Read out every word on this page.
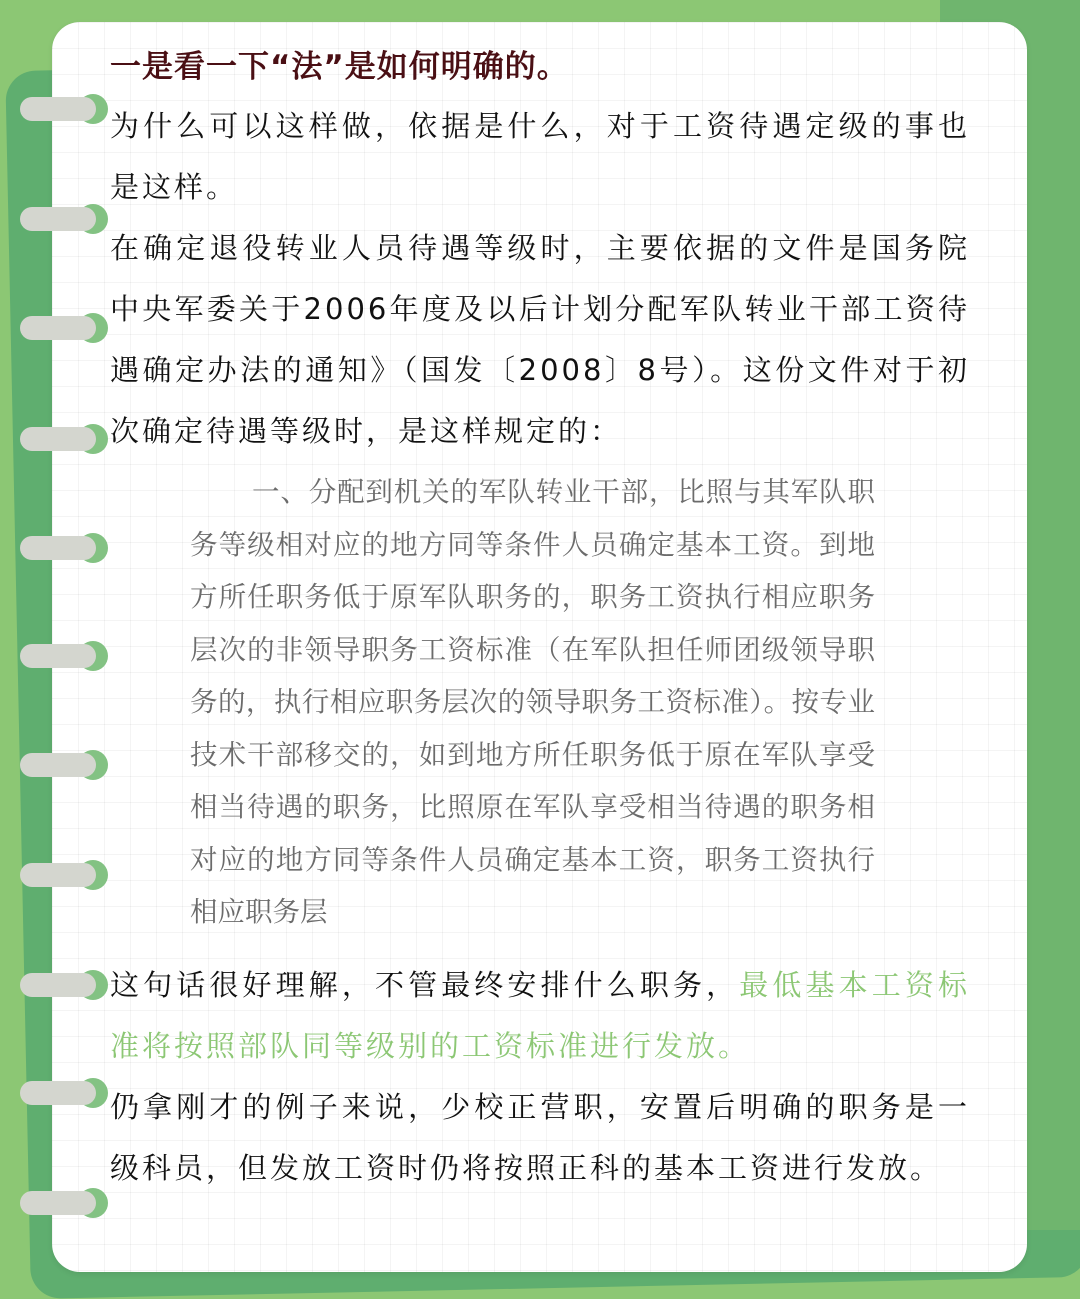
一是看一下“法”是如何明确的。

为什么可以这样做，依据是什么，对于工资待遇定级的事也是这样。

在确定退役转业人员待遇等级时，主要依据的文件是国务院 中央军委关于2006年度及以后计划分配军队转业干部工资待遇确定办法的通知》（国发〔2008〕8号）。这份文件对于初次确定待遇等级时，是这样规定的：

一、分配到机关的军队转业干部，比照与其军队职务等级相对应的地方同等条件人员确定基本工资。到地方所任职务低于原军队职务的，职务工资执行相应职务层次的非领导职务工资标准（在军队担任师团级领导职务的，执行相应职务层次的领导职务工资标准）。按专业技术干部移交的，如到地方所任职务低于原在军队享受相当待遇的职务，比照原在军队享受相当待遇的职务相对应的地方同等条件人员确定基本工资，职务工资执行相应职务层

这句话很好理解，不管最终安排什么职务，最低基本工资标准将按照部队同等级别的工资标准进行发放。

仍拿刚才的例子来说，少校正营职，安置后明确的职务是一级科员，但发放工资时仍将按照正科的基本工资进行发放。
